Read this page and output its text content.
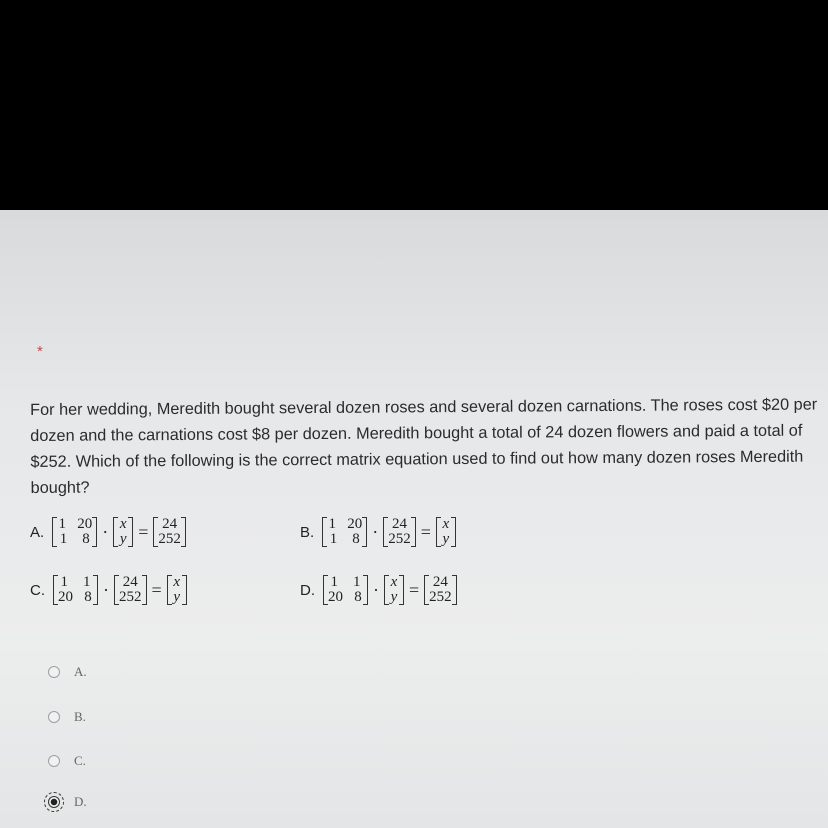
*
For her wedding, Meredith bought several dozen roses and several dozen carnations. The roses cost $20 per dozen and the carnations cost $8 per dozen. Meredith bought a total of 24 dozen flowers and paid a total of $252. Which of the following is the correct matrix equation used to find out how many dozen roses Meredith bought?
A. 1 20
1 8 · x
y = 24
252	B. 1 20
1 8 · 24
252 = x
y
C. 1 1
20 8 · 24
252 = x
y	D. 1 1
20 8 · x
y = 24
252
A.
B.
C.
D.
